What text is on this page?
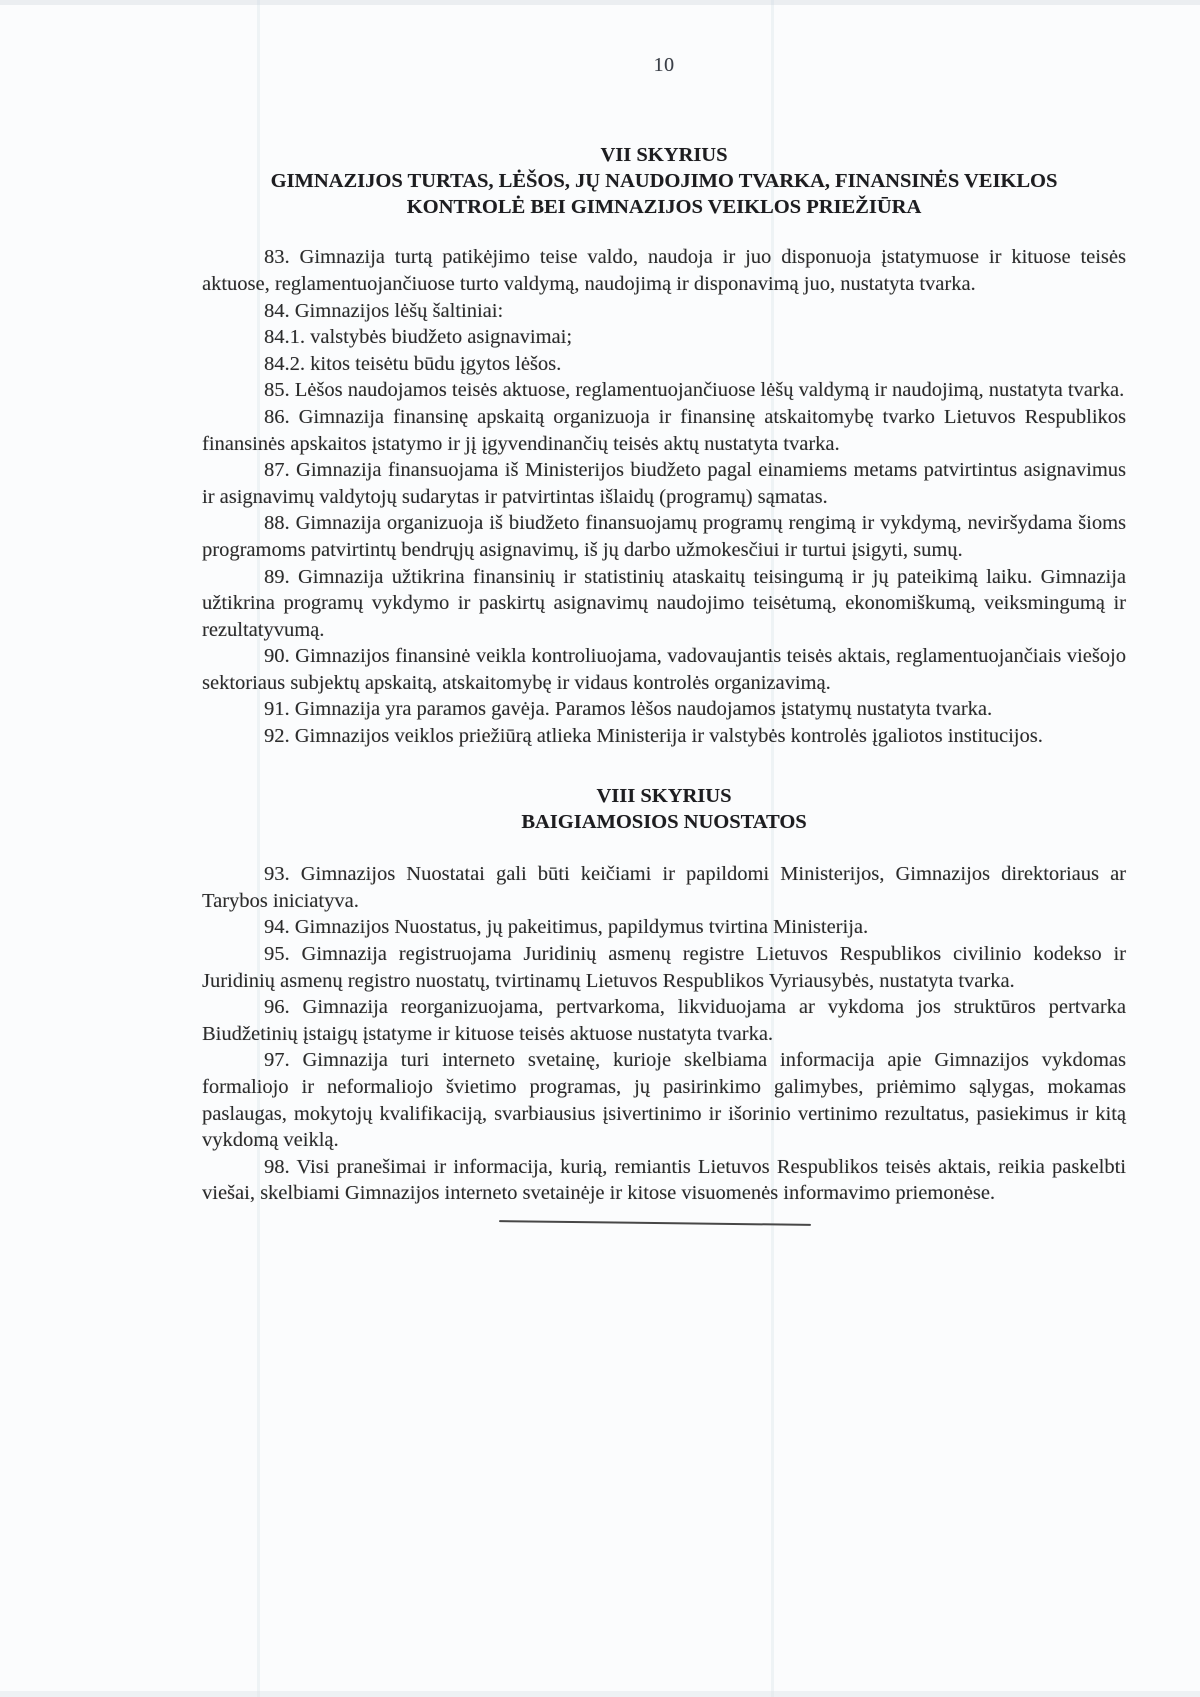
10
VII SKYRIUS
GIMNAZIJOS TURTAS, LĖŠOS, JŲ NAUDOJIMO TVARKA, FINANSINĖS VEIKLOS
KONTROLĖ BEI GIMNAZIJOS VEIKLOS PRIEŽIŪRA

83. Gimnazija turtą patikėjimo teise valdo, naudoja ir juo disponuoja įstatymuose ir kituose teisės aktuose, reglamentuojančiuose turto valdymą, naudojimą ir disponavimą juo, nustatyta tvarka.

84. Gimnazijos lėšų šaltiniai:

84.1. valstybės biudžeto asignavimai;

84.2. kitos teisėtu būdu įgytos lėšos.

85. Lėšos naudojamos teisės aktuose, reglamentuojančiuose lėšų valdymą ir naudojimą, nustatyta tvarka.

86. Gimnazija finansinę apskaitą organizuoja ir finansinę atskaitomybę tvarko Lietuvos Respublikos finansinės apskaitos įstatymo ir jį įgyvendinančių teisės aktų nustatyta tvarka.

87. Gimnazija finansuojama iš Ministerijos biudžeto pagal einamiems metams patvirtintus asignavimus ir asignavimų valdytojų sudarytas ir patvirtintas išlaidų (programų) sąmatas.

88. Gimnazija organizuoja iš biudžeto finansuojamų programų rengimą ir vykdymą, neviršydama šioms programoms patvirtintų bendrųjų asignavimų, iš jų darbo užmokesčiui ir turtui įsigyti, sumų.

89. Gimnazija užtikrina finansinių ir statistinių ataskaitų teisingumą ir jų pateikimą laiku. Gimnazija užtikrina programų vykdymo ir paskirtų asignavimų naudojimo teisėtumą, ekonomiškumą, veiksmingumą ir rezultatyvumą.

90. Gimnazijos finansinė veikla kontroliuojama, vadovaujantis teisės aktais, reglamentuojančiais viešojo sektoriaus subjektų apskaitą, atskaitomybę ir vidaus kontrolės organizavimą.

91. Gimnazija yra paramos gavėja. Paramos lėšos naudojamos įstatymų nustatyta tvarka.

92. Gimnazijos veiklos priežiūrą atlieka Ministerija ir valstybės kontrolės įgaliotos institucijos.

VIII SKYRIUS
BAIGIAMOSIOS NUOSTATOS

93. Gimnazijos Nuostatai gali būti keičiami ir papildomi Ministerijos, Gimnazijos direktoriaus ar Tarybos iniciatyva.

94. Gimnazijos Nuostatus, jų pakeitimus, papildymus tvirtina Ministerija.

95. Gimnazija registruojama Juridinių asmenų registre Lietuvos Respublikos civilinio kodekso ir Juridinių asmenų registro nuostatų, tvirtinamų Lietuvos Respublikos Vyriausybės, nustatyta tvarka.

96. Gimnazija reorganizuojama, pertvarkoma, likviduojama ar vykdoma jos struktūros pertvarka Biudžetinių įstaigų įstatyme ir kituose teisės aktuose nustatyta tvarka.

97. Gimnazija turi interneto svetainę, kurioje skelbiama informacija apie Gimnazijos vykdomas formaliojo ir neformaliojo švietimo programas, jų pasirinkimo galimybes, priėmimo sąlygas, mokamas paslaugas, mokytojų kvalifikaciją, svarbiausius įsivertinimo ir išorinio vertinimo rezultatus, pasiekimus ir kitą vykdomą veiklą.

98. Visi pranešimai ir informacija, kurią, remiantis Lietuvos Respublikos teisės aktais, reikia paskelbti viešai, skelbiami Gimnazijos interneto svetainėje ir kitose visuomenės informavimo priemonėse.
